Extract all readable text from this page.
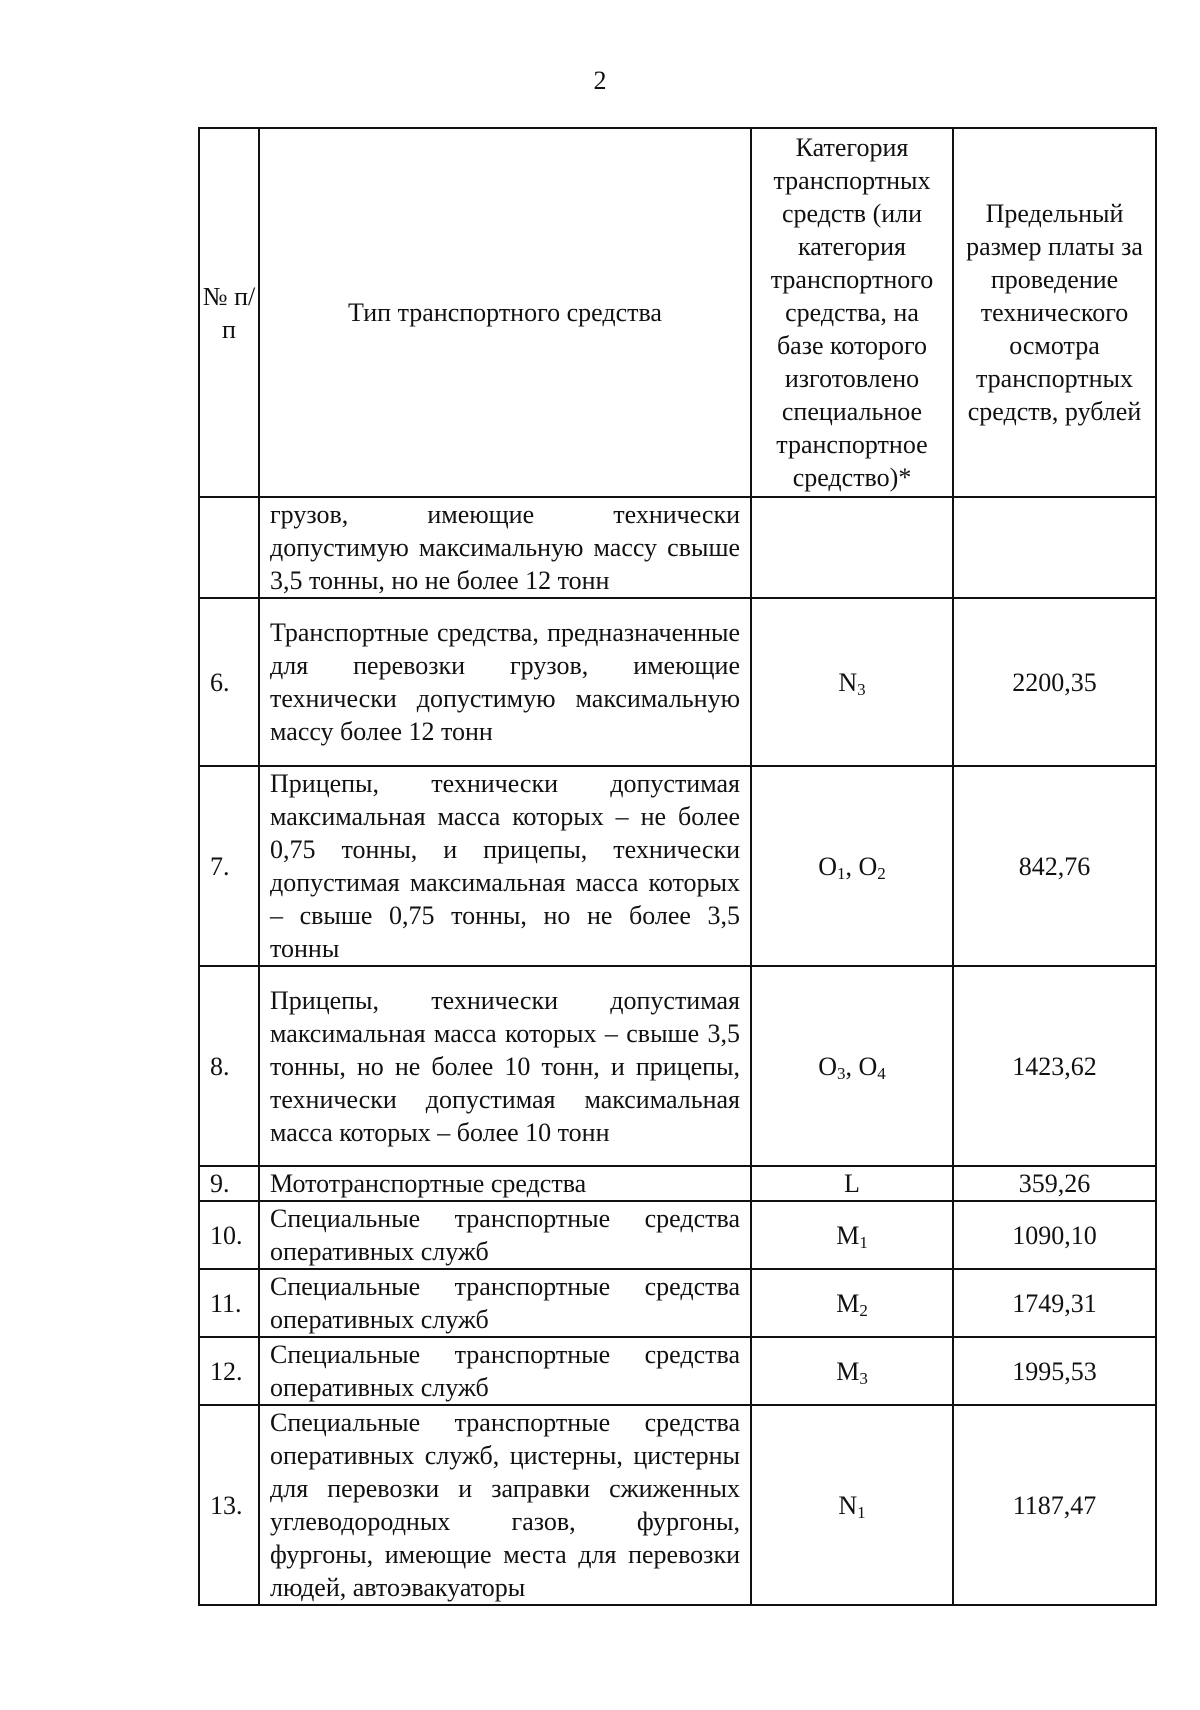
2
№ п/п	Тип транспортного средства	Категория транспортных средств (или категория транспортного средства, на базе которого изготовлено специальное транспортное средство)*	Предельный размер платы за проведение технического осмотра транспортных средств, рублей
	грузов, имеющие технически допустимую максимальную массу свыше 3,5 тонны, но не более 12 тонн		
6.	Транспортные средства, предназначенные для перевозки грузов, имеющие технически допустимую максимальную массу более 12 тонн	$N_3$	2200,35
7.	Прицепы, технически допустимая максимальная масса которых – не более 0,75 тонны, и прицепы, технически допустимая максимальная масса которых – свыше 0,75 тонны, но не более 3,5 тонны	$O_1$, $O_2$	842,76
8.	Прицепы, технически допустимая максимальная масса которых – свыше 3,5 тонны, но не более 10 тонн, и прицепы, технически допустимая максимальная масса которых – более 10 тонн	$O_3$, $O_4$	1423,62
9.	Мототранспортные средства	L	359,26
10.	Специальные транспортные средства оперативных служб	$M_1$	1090,10
11.	Специальные транспортные средства оперативных служб	$M_2$	1749,31
12.	Специальные транспортные средства оперативных служб	$M_3$	1995,53
13.	Специальные транспортные средства оперативных служб, цистерны, цистерны для перевозки и заправки сжиженных углеводородных газов, фургоны, фургоны, имеющие места для перевозки людей, автоэвакуаторы	$N_1$	1187,47
